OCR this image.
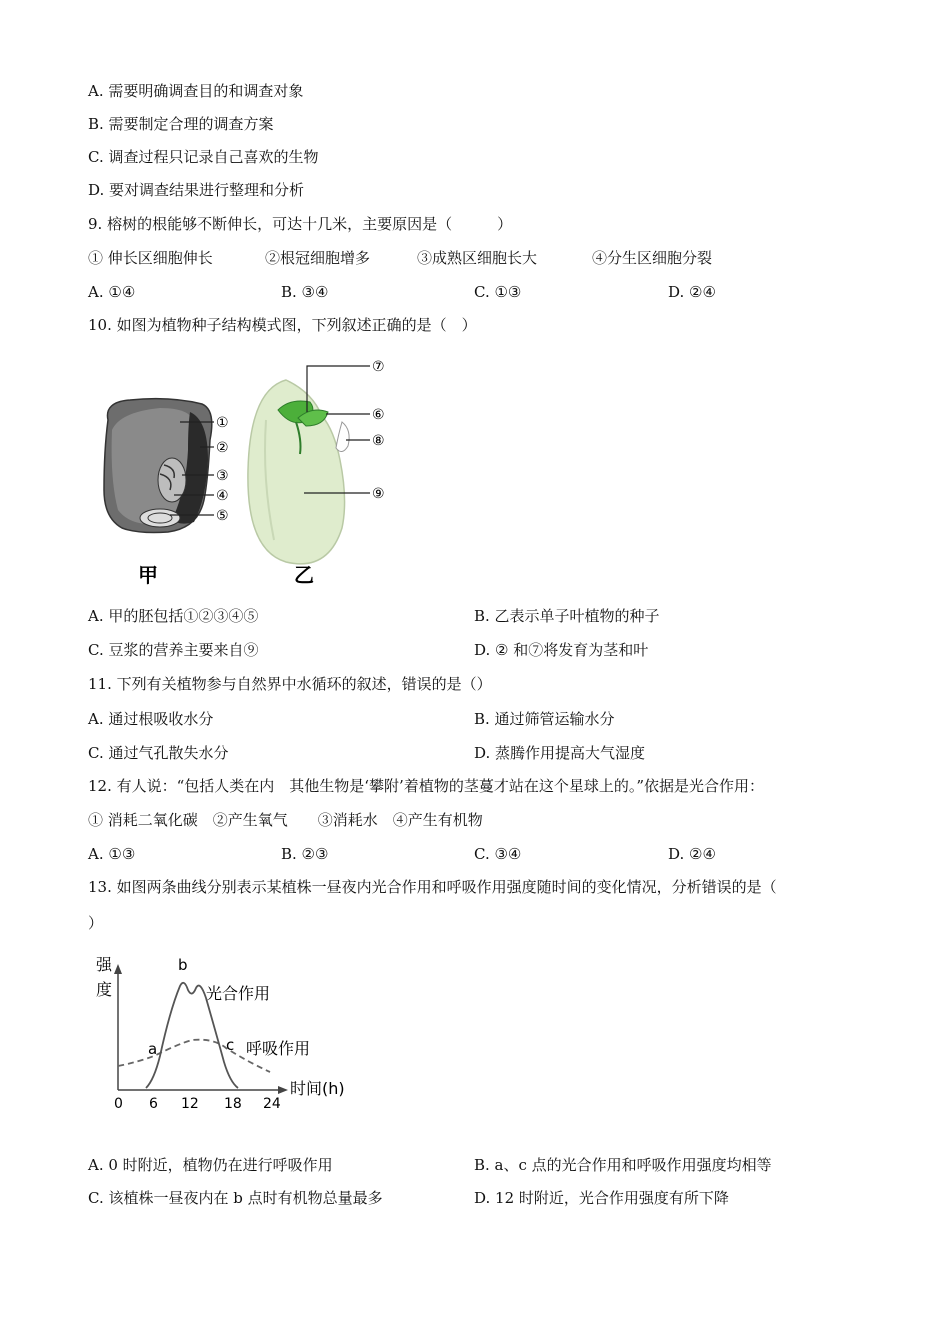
A. 需要明确调查目的和调查对象
B. 需要制定合理的调查方案
C. 调查过程只记录自己喜欢的生物
D. 要对调查结果进行整理和分析
9. 榕树的根能够不断伸长，可达十几米，主要原因是（　　　）
① 伸长区细胞伸长	②根冠细胞增多	③成熟区细胞长大	④分生区细胞分裂
A. ①④	B. ③④	C. ①③	D. ②④
10. 如图为植物种子结构模式图，下列叙述正确的是（　）
①
②
③
④
⑤
⑦
⑥
⑧
⑨
甲	乙
A. 甲的胚包括①②③④⑤	B. 乙表示单子叶植物的种子
C. 豆浆的营养主要来自⑨	D. ② 和⑦将发育为茎和叶
11. 下列有关植物参与自然界中水循环的叙述，错误的是（）
A. 通过根吸收水分	B. 通过筛管运输水分
C. 通过气孔散失水分	D. 蒸腾作用提高大气湿度
12. 有人说：“包括人类在内　其他生物是‘攀附’着植物的茎蔓才站在这个星球上的。”依据是光合作用：
① 消耗二氧化碳　②产生氧气　　③消耗水　④产生有机物
A. ①③	B. ②③	C. ③④	D. ②④
13. 如图两条曲线分别表示某植株一昼夜内光合作用和呼吸作用强度随时间的变化情况，分析错误的是（
）
强
度
时间(h)
0 6 12 18 24
a
b
c
光合作用
呼吸作用
A. 0 时附近，植物仍在进行呼吸作用	B. a、c 点的光合作用和呼吸作用强度均相等
C. 该植株一昼夜内在 b 点时有机物总量最多	D. 12 时附近，光合作用强度有所下降
